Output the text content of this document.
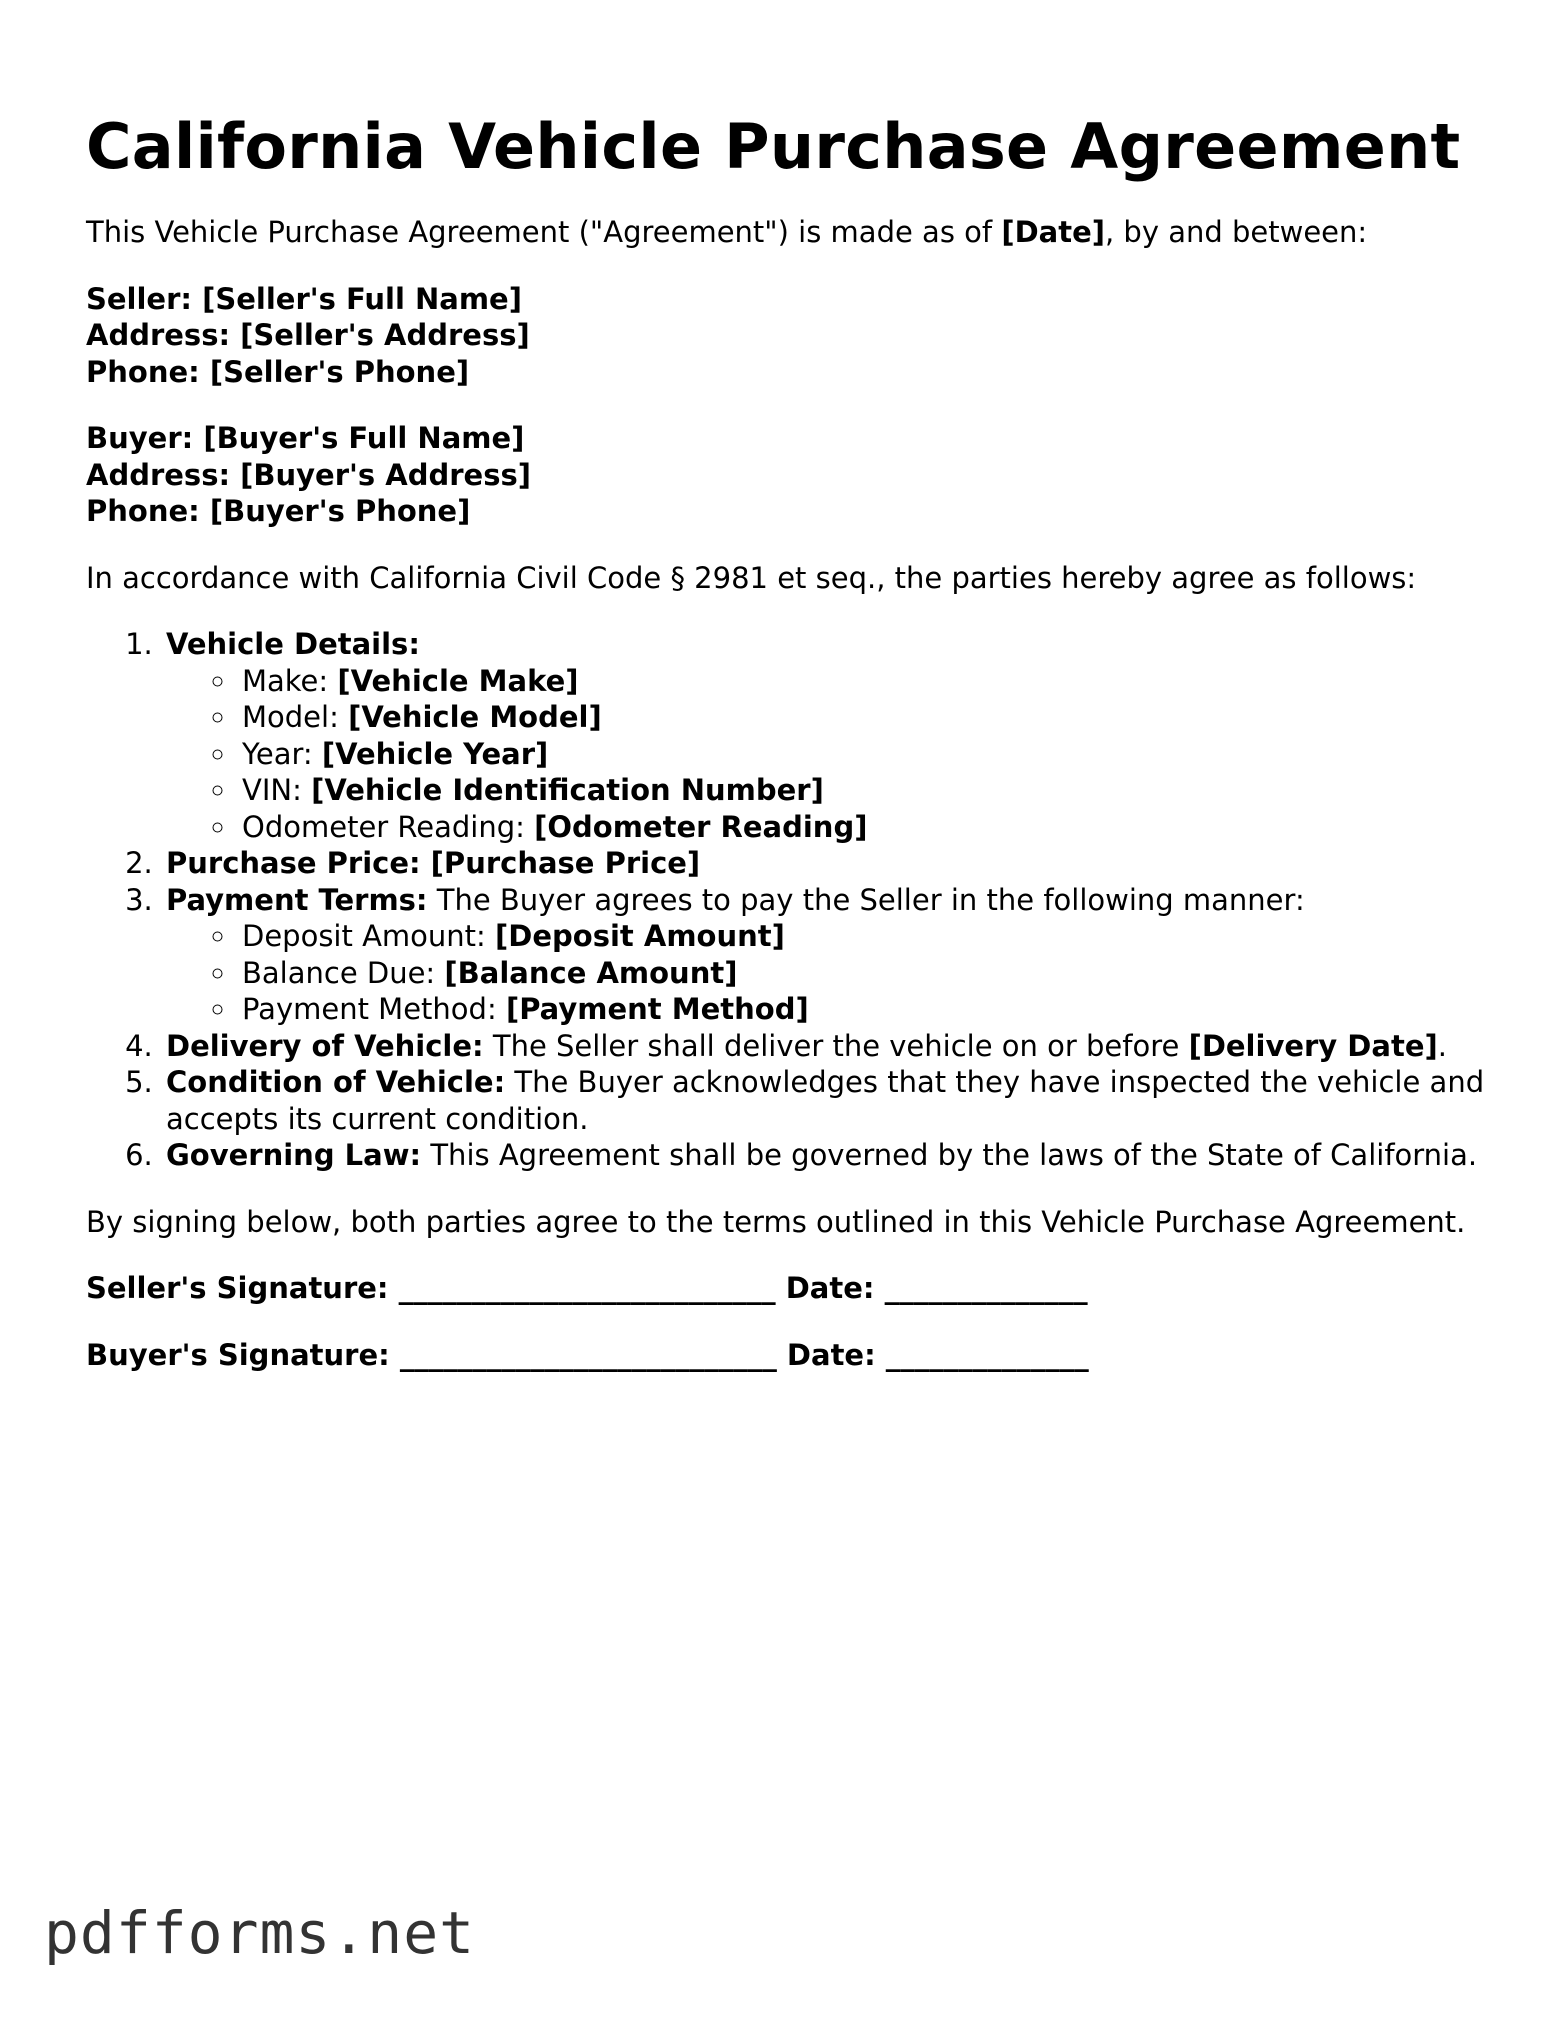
California Vehicle Purchase Agreement

This Vehicle Purchase Agreement ("Agreement") is made as of [Date], by and between:

Seller: [Seller's Full Name]
Address: [Seller's Address]
Phone: [Seller's Phone]
Buyer: [Buyer's Full Name]
Address: [Buyer's Address]
Phone: [Buyer's Phone]

In accordance with California Civil Code § 2981 et seq., the parties hereby agree as follows:

1. Vehicle Details:
◦ Make: [Vehicle Make]
◦ Model: [Vehicle Model]
◦ Year: [Vehicle Year]
◦ VIN: [Vehicle Identification Number]
◦ Odometer Reading: [Odometer Reading]
2. Purchase Price: [Purchase Price]
3. Payment Terms: The Buyer agrees to pay the Seller in the following manner:
◦ Deposit Amount: [Deposit Amount]
◦ Balance Due: [Balance Amount]
◦ Payment Method: [Payment Method]
4. Delivery of Vehicle: The Seller shall deliver the vehicle on or before [Delivery Date].
5. Condition of Vehicle: The Buyer acknowledges that they have inspected the vehicle and accepts its current condition.
6. Governing Law: This Agreement shall be governed by the laws of the State of California.

By signing below, both parties agree to the terms outlined in this Vehicle Purchase Agreement.

Seller's Signature: __________________________ Date: ______________
Buyer's Signature: __________________________ Date: ______________
pdfforms.net
